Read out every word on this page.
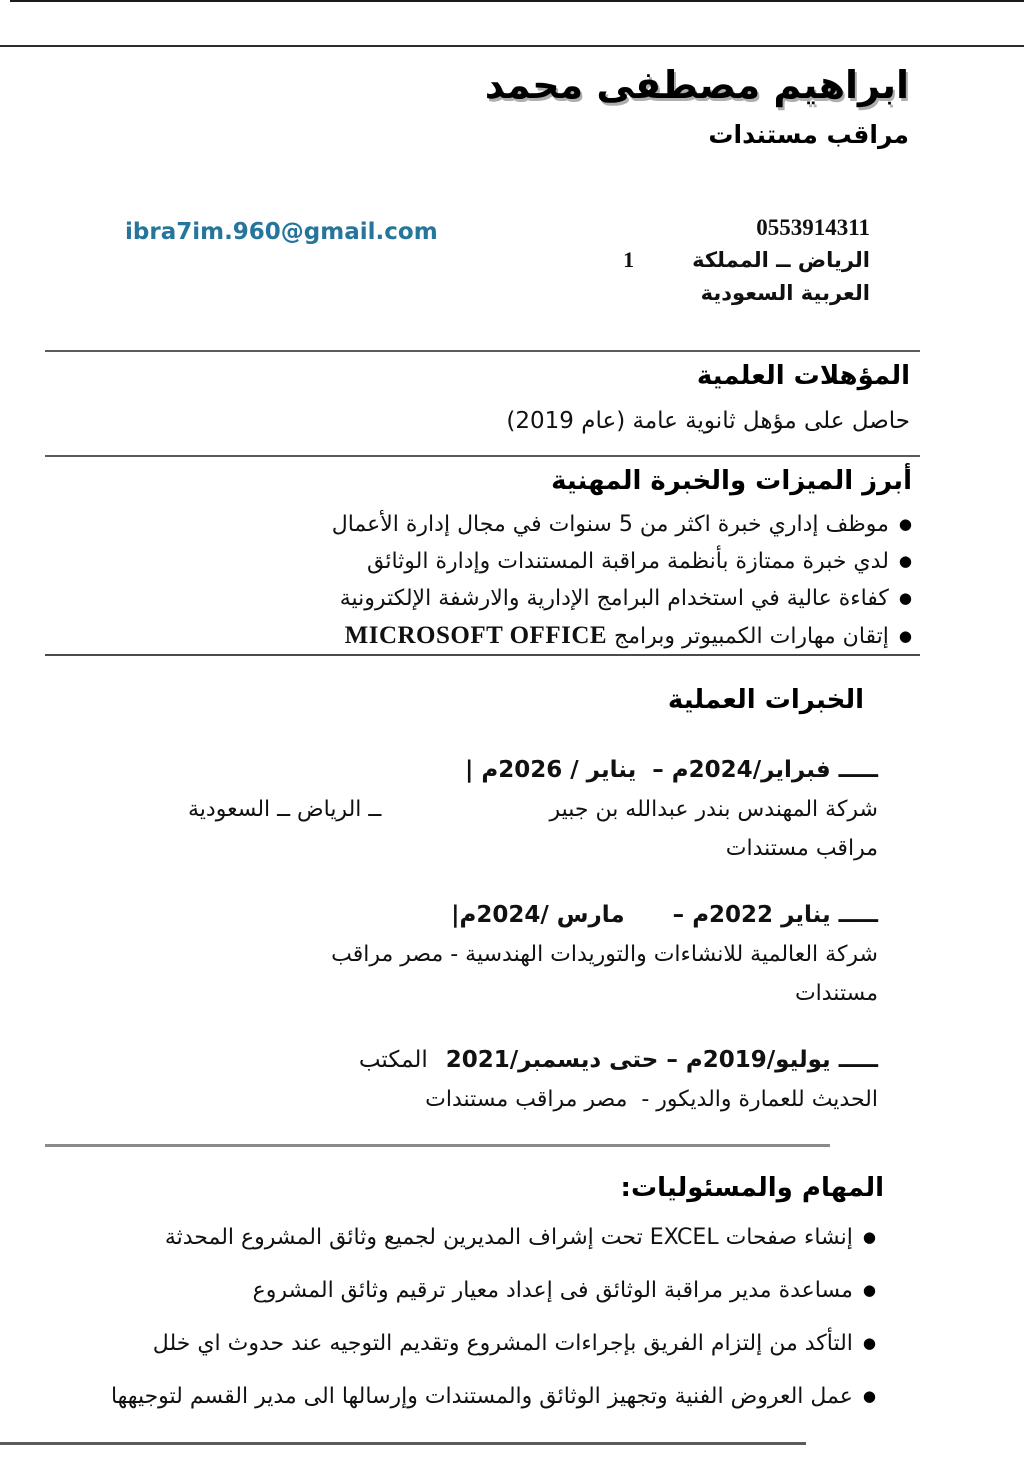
ابراهيم مصطفى محمد
مراقب مستندات
ibra7im.960@gmail.com	0553914311
الرياض ــ المملكة1
العربية السعودية
المؤهلات العلمية

حاصل على مؤهل ثانوية عامة (عام 2019)

أبرز الميزات والخبرة المهنية
●موظف إداري خبرة اكثر من 5 سنوات في مجال إدارة الأعمال
●لدي خبرة ممتازة بأنظمة مراقبة المستندات وإدارة الوثائق
●كفاءة عالية في استخدام البرامج الإدارية والارشفة الإلكترونية
●إتقان مهارات الكمبيوتر وبرامج MICROSOFT OFFICE
الخبرات العملية
ـــــ فبراير/2024م –  يناير / 2026م |
شركة المهندس بندر عبدالله بن جبير
ــ الرياض ــ السعودية
مراقب مستندات
ـــــ يناير 2022م –      مارس /2024م|
شركة العالمية للانشاءات والتوريدات الهندسية - مصر مراقب
مستندات
ـــــ يوليو/2019م – حتى ديسمبر/2021المكتب
الحديث للعمارة والديكور -  مصر مراقب مستندات
المهام والمسئوليات:
●إنشاء صفحات EXCEL تحت إشراف المديرين لجميع وثائق المشروع المحدثة
●مساعدة مدير مراقبة الوثائق فى إعداد معيار ترقيم وثائق المشروع
●التأكد من إلتزام الفريق بإجراءات المشروع وتقديم التوجيه عند حدوث اي خلل
●عمل العروض الفنية وتجهيز الوثائق والمستندات وإرسالها الى مدير القسم لتوجيهها
